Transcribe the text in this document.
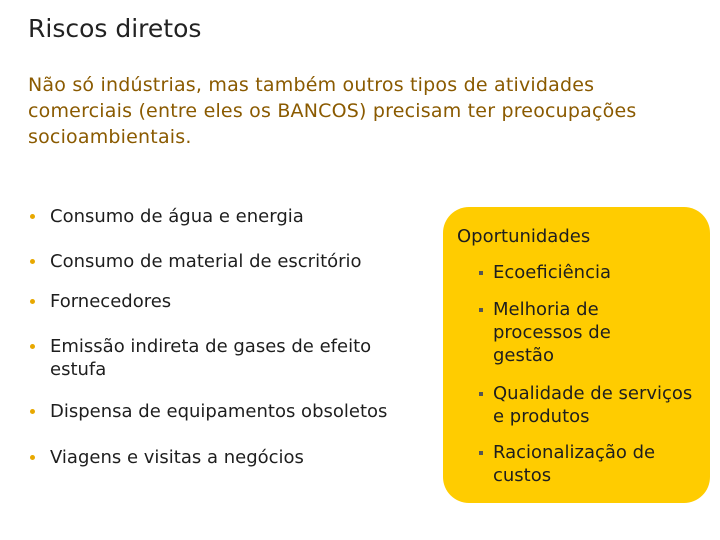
Riscos diretos
Não só indústrias, mas também outros tipos de atividades comerciais (entre eles os BANCOS) precisam ter preocupações socioambientais.
Consumo de água e energia
Consumo de material de escritório
Fornecedores
Emissão indireta de gases de efeito estufa
Dispensa de equipamentos obsoletos
Viagens e visitas a negócios
Oportunidades
Ecoeficiência
Melhoria de processos de gestão
Qualidade de serviços e produtos
Racionalização de custos
